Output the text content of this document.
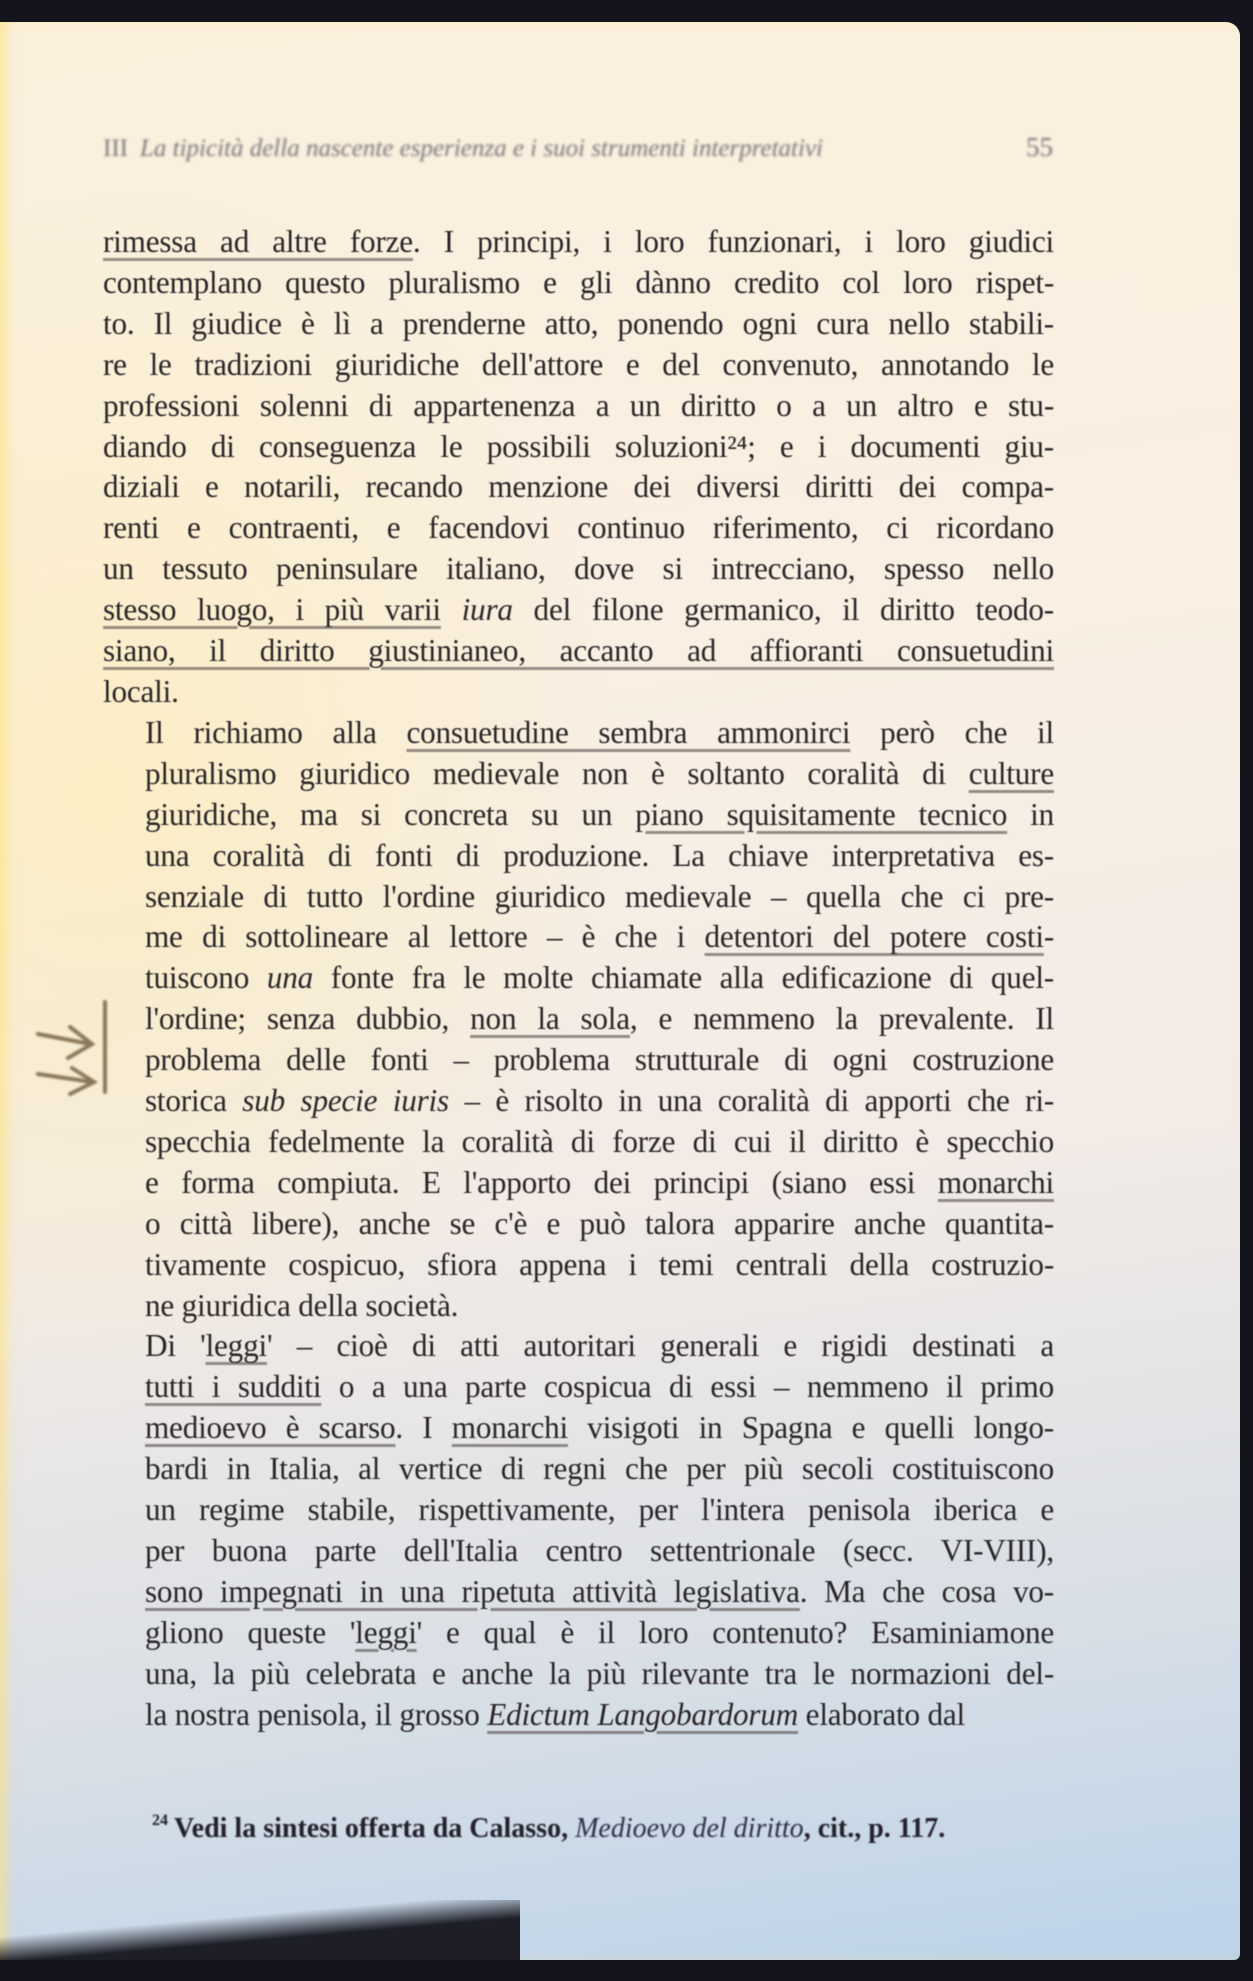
III La tipicità della nascente esperienza e i suoi strumenti interpretativi	55

rimessa ad altre forze. I principi, i loro funzionari, i loro giudici
contemplano questo pluralismo e gli dànno credito col loro rispet-
to. Il giudice è lì a prenderne atto, ponendo ogni cura nello stabili-
re le tradizioni giuridiche dell'attore e del convenuto, annotando le
professioni solenni di appartenenza a un diritto o a un altro e stu-
diando di conseguenza le possibili soluzioni²⁴; e i documenti giu-
diziali e notarili, recando menzione dei diversi diritti dei compa-
renti e contraenti, e facendovi continuo riferimento, ci ricordano
un tessuto peninsulare italiano, dove si intrecciano, spesso nello
stesso luogo, i più varii iura del filone germanico, il diritto teodo-
siano, il diritto giustinianeo, accanto ad affioranti consuetudini
locali.

Il richiamo alla consuetudine sembra ammonirci però che il
pluralismo giuridico medievale non è soltanto coralità di culture
giuridiche, ma si concreta su un piano squisitamente tecnico in
una coralità di fonti di produzione. La chiave interpretativa es-
senziale di tutto l'ordine giuridico medievale – quella che ci pre-
me di sottolineare al lettore – è che i detentori del potere costi-
tuiscono una fonte fra le molte chiamate alla edificazione di quel-
l'ordine; senza dubbio, non la sola, e nemmeno la prevalente. Il
problema delle fonti – problema strutturale di ogni costruzione
storica sub specie iuris – è risolto in una coralità di apporti che ri-
specchia fedelmente la coralità di forze di cui il diritto è specchio
e forma compiuta. E l'apporto dei principi (siano essi monarchi
o città libere), anche se c'è e può talora apparire anche quantita-
tivamente cospicuo, sfiora appena i temi centrali della costruzio-
ne giuridica della società.

Di 'leggi' – cioè di atti autoritari generali e rigidi destinati a
tutti i sudditi o a una parte cospicua di essi – nemmeno il primo
medioevo è scarso. I monarchi visigoti in Spagna e quelli longo-
bardi in Italia, al vertice di regni che per più secoli costituiscono
un regime stabile, rispettivamente, per l'intera penisola iberica e
per buona parte dell'Italia centro settentrionale (secc. VI-VIII),
sono impegnati in una ripetuta attività legislativa. Ma che cosa vo-
gliono queste 'leggi' e qual è il loro contenuto? Esaminiamone
una, la più celebrata e anche la più rilevante tra le normazioni del-
la nostra penisola, il grosso Edictum Langobardorum elaborato dal

$^{24}$ Vedi la sintesi offerta da Calasso, Medioevo del diritto, cit., p. 117.
